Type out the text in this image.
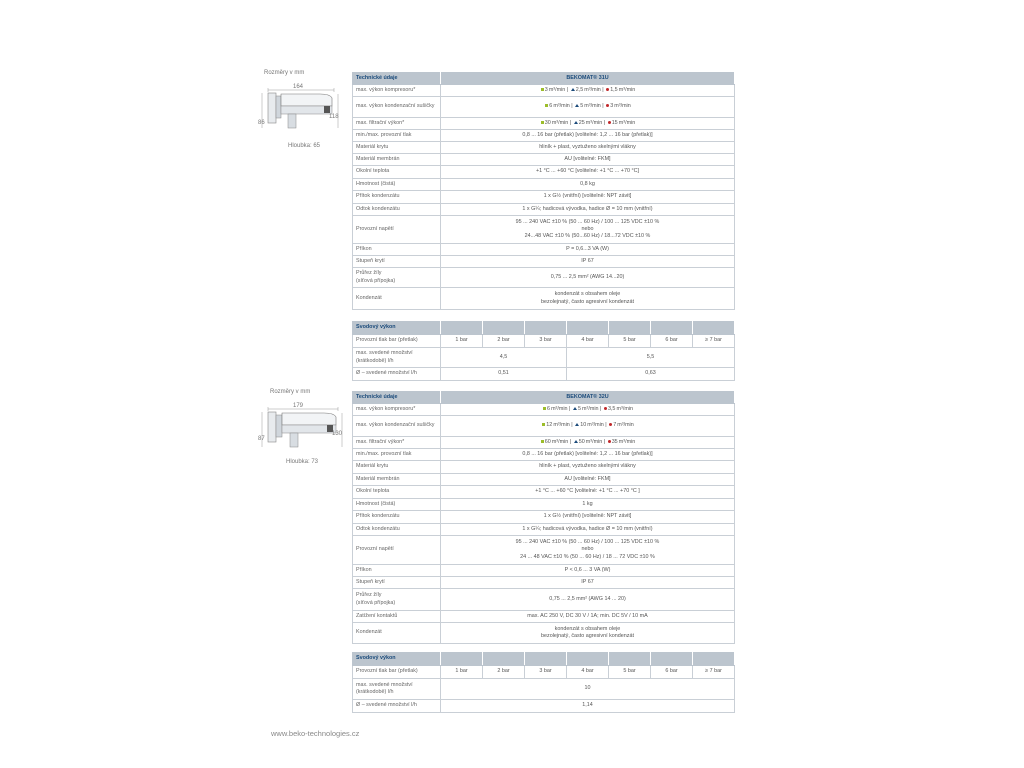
Rozměry v mm
164
86
118
Hloubka: 65
Technické údaje	BEKOMAT® 31U
max. výkon kompresoru*	3 m³/min | 2,5 m³/min | 1,5 m³/min
max. výkon kondenzační sušičky	6 m³/min | 5 m³/min | 3 m³/min
max. filtrační výkon*	30 m³/min | 25 m³/min | 15 m³/min
min./max. provozní tlak	0,8 ... 16 bar (přetlak) [volitelné: 1,2 ... 16 bar (přetlak)]
Materiál krytu	hliník + plast, vyztuženo skelnými vlákny
Materiál membrán	AU [volitelné: FKM]
Okolní teplota	+1 °C ... +60 °C [volitelné: +1 °C ... +70 °C]
Hmotnost (čistá)	0,8 kg
Přítok kondenzátu	1 x G½ (vnitřní) [volitelně: NPT závit]
Odtok kondenzátu	1 x G¼; hadicová vývodka, hadice Ø = 10 mm (vnitřní)
Provozní napětí	95 ... 240 VAC ±10 % (50 ... 60 Hz) / 100 ... 125 VDC ±10 %
nebo
24...48 VAC ±10 % (50...60 Hz) / 18...72 VDC ±10 %

Příkon	P = 0,6...3 VA (W)
Stupeň krytí	IP 67

Průřez žíly
(síťová přípojka)	0,75 ... 2,5 mm² (AWG 14...20)
Kondenzát	kondenzát s obsahem oleje
bezolejnatý, často agresivní kondenzát
Svodový výkon							
Provozní tlak bar (přetlak)	1 bar	2 bar	3 bar	4 bar	5 bar	6 bar	≥ 7 bar

max. svedené množství
(krátkodobě) l/h	4,5			5,5			
Ø – svedené množství l/h	0,51			0,63			
Rozměry v mm
179
87
130
Hloubka: 73
Technické údaje	BEKOMAT® 32U
max. výkon kompresoru*	6 m³/min | 5 m³/min | 3,5 m³/min
max. výkon kondenzační sušičky	12 m³/min | 10 m³/min | 7 m³/min
max. filtrační výkon*	60 m³/min | 50 m³/min | 35 m³/min
min./max. provozní tlak	0,8 ... 16 bar (přetlak) [volitelné: 1,2 ... 16 bar (přetlak)]
Materiál krytu	hliník + plast, vyztuženo skelnými vlákny
Materiál membrán	AU [volitelné: FKM]
Okolní teplota	+1 °C ... +60 °C [volitelné: +1 °C ... +70 °C ]
Hmotnost (čistá)	1 kg
Přítok kondenzátu	1 x G½ (vnitřní) [volitelně: NPT závit]
Odtok kondenzátu	1 x G¼; hadicová vývodka, hadice Ø = 10 mm (vnitřní)
Provozní napětí	95 ... 240 VAC ±10 % (50 ... 60 Hz) / 100 ... 125 VDC ±10 %
nebo
24 ... 48 VAC ±10 % (50 ... 60 Hz) / 18 ... 72 VDC ±10 %

Příkon	P < 0,6 ... 3 VA (W)
Stupeň krytí	IP 67

Průřez žíly
(síťová přípojka)	0,75 ... 2,5 mm² (AWG 14 ... 20)
Zatížení kontaktů	max. AC 250 V, DC 30 V / 1A; min. DC 5V / 10 mA
Kondenzát	kondenzát s obsahem oleje
bezolejnatý, často agresivní kondenzát
Svodový výkon							
Provozní tlak bar (přetlak)	1 bar	2 bar	3 bar	4 bar	5 bar	6 bar	≥ 7 bar

max. svedené množství
(krátkodobě) l/h	10						
Ø – svedené množství l/h	1,14						
www.beko-technologies.cz
